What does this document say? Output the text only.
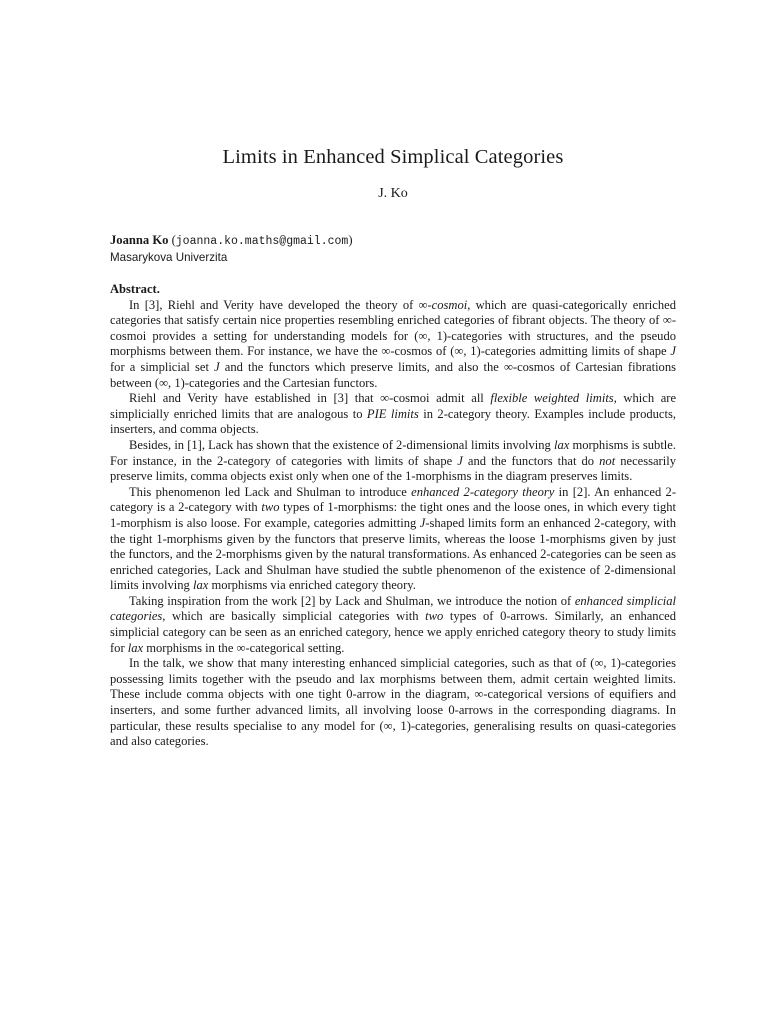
Limits in Enhanced Simplical Categories
J. Ko
Joanna Ko (joanna.ko.maths@gmail.com)
Masarykova Univerzita
Abstract.

In [3], Riehl and Verity have developed the theory of ∞-cosmoi, which are quasi-categorically enriched categories that satisfy certain nice properties resembling enriched categories of fibrant objects. The theory of ∞-cosmoi provides a setting for understanding models for (∞, 1)-categories with structures, and the pseudo morphisms between them. For instance, we have the ∞-cosmos of (∞, 1)-categories admitting limits of shape J for a simplicial set J and the functors which preserve limits, and also the ∞-cosmos of Cartesian fibrations between (∞, 1)-categories and the Cartesian functors.

Riehl and Verity have established in [3] that ∞-cosmoi admit all flexible weighted limits, which are simplicially enriched limits that are analogous to PIE limits in 2-category theory. Examples include products, inserters, and comma objects.

Besides, in [1], Lack has shown that the existence of 2-dimensional limits involving lax morphisms is subtle. For instance, in the 2-category of categories with limits of shape J and the functors that do not necessarily preserve limits, comma objects exist only when one of the 1-morphisms in the diagram preserves limits.

This phenomenon led Lack and Shulman to introduce enhanced 2-category theory in [2]. An enhanced 2-category is a 2-category with two types of 1-morphisms: the tight ones and the loose ones, in which every tight 1-morphism is also loose. For example, categories admitting J-shaped limits form an enhanced 2-category, with the tight 1-morphisms given by the functors that preserve limits, whereas the loose 1-morphisms given by just the functors, and the 2-morphisms given by the natural transformations. As enhanced 2-categories can be seen as enriched categories, Lack and Shulman have studied the subtle phenomenon of the existence of 2-dimensional limits involving lax morphisms via enriched category theory.

Taking inspiration from the work [2] by Lack and Shulman, we introduce the notion of enhanced simplicial categories, which are basically simplicial categories with two types of 0-arrows. Similarly, an enhanced simplicial category can be seen as an enriched category, hence we apply enriched category theory to study limits for lax morphisms in the ∞-categorical setting.

In the talk, we show that many interesting enhanced simplicial categories, such as that of (∞, 1)-categories possessing limits together with the pseudo and lax morphisms between them, admit certain weighted limits. These include comma objects with one tight 0-arrow in the diagram, ∞-categorical versions of equifiers and inserters, and some further advanced limits, all involving loose 0-arrows in the corresponding diagrams. In particular, these results specialise to any model for (∞, 1)-categories, generalising results on quasi-categories and also categories.
